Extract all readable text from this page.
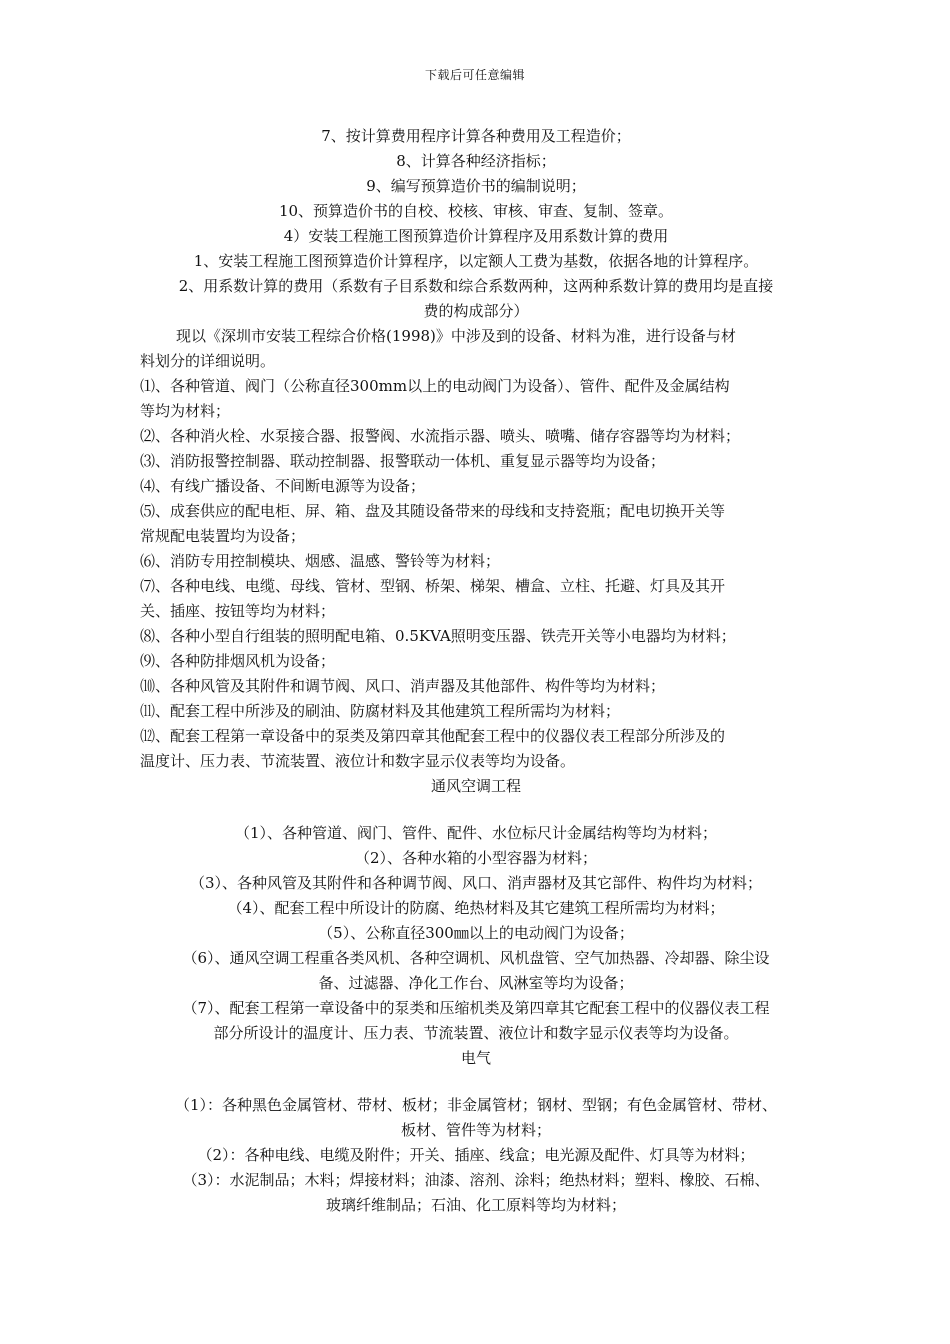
下载后可任意编辑
7、按计算费用程序计算各种费用及工程造价；
8、计算各种经济指标；
9、编写预算造价书的编制说明；
10、预算造价书的自校、校核、审核、审查、复制、签章。
4）安装工程施工图预算造价计算程序及用系数计算的费用
1、安装工程施工图预算造价计算程序，以定额人工费为基数，依据各地的计算程序。
2、用系数计算的费用（系数有子目系数和综合系数两种，这两种系数计算的费用均是直接
费的构成部分）
现以《深圳市安装工程综合价格(1998)》中涉及到的设备、材料为准，进行设备与材
料划分的详细说明。
⑴、各种管道、阀门（公称直径300mm以上的电动阀门为设备）、管件、配件及金属结构
等均为材料；
⑵、各种消火栓、水泵接合器、报警阀、水流指示器、喷头、喷嘴、储存容器等均为材料；
⑶、消防报警控制器、联动控制器、报警联动一体机、重复显示器等均为设备；
⑷、有线广播设备、不间断电源等为设备；
⑸、成套供应的配电柜、屏、箱、盘及其随设备带来的母线和支持瓷瓶；配电切换开关等
常规配电装置均为设备；
⑹、消防专用控制模块、烟感、温感、警铃等为材料；
⑺、各种电线、电缆、母线、管材、型钢、桥架、梯架、槽盒、立柱、托避、灯具及其开
关、插座、按钮等均为材料；
⑻、各种小型自行组装的照明配电箱、0.5KVA照明变压器、铁壳开关等小电器均为材料；
⑼、各种防排烟风机为设备；
⑽、各种风管及其附件和调节阀、风口、消声器及其他部件、构件等均为材料；
⑾、配套工程中所涉及的刷油、防腐材料及其他建筑工程所需均为材料；
⑿、配套工程第一章设备中的泵类及第四章其他配套工程中的仪器仪表工程部分所涉及的
温度计、压力表、节流装置、液位计和数字显示仪表等均为设备。
通风空调工程
（1）、各种管道、阀门、管件、配件、水位标尺计金属结构等均为材料；
（2）、各种水箱的小型容器为材料；
（3）、各种风管及其附件和各种调节阀、风口、消声器材及其它部件、构件均为材料；
（4）、配套工程中所设计的防腐、绝热材料及其它建筑工程所需均为材料；
（5）、公称直径300㎜以上的电动阀门为设备；
（6）、通风空调工程重各类风机、各种空调机、风机盘管、空气加热器、冷却器、除尘设
备、过滤器、净化工作台、风淋室等均为设备；
（7）、配套工程第一章设备中的泵类和压缩机类及第四章其它配套工程中的仪器仪表工程
部分所设计的温度计、压力表、节流装置、液位计和数字显示仪表等均为设备。
电气
（1）：各种黑色金属管材、带材、板材；非金属管材；钢材、型钢；有色金属管材、带材、
板材、管件等为材料；
（2）：各种电线、电缆及附件；开关、插座、线盒；电光源及配件、灯具等为材料；
（3）：水泥制品；木料；焊接材料；油漆、溶剂、涂料；绝热材料；塑料、橡胶、石棉、
玻璃纤维制品；石油、化工原料等均为材料；
